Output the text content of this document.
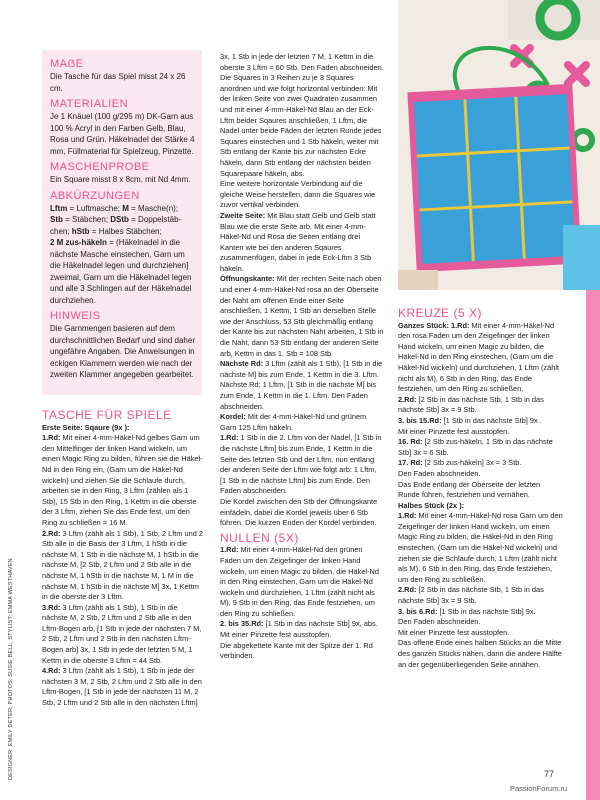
DESIGNER: EMILY DETER; PHOTOS: SUSIE BELL; STYLIST: EMMA WESTHAVEN
MAẞE

Die Tasche für das Spiel misst 24 x 26 cm.

MATERIALIEN

Je 1 Knäuel (100 g/295 m) DK-Garn aus 100 % Acryl in den Farben Gelb, Blau, Rosa und Grün. Häkelnadel der Stärke 4 mm, Füllmaterial für Spielzeug, Pinzette.

MASCHENPROBE

Ein Square misst 8 x 8cm, mit Nd 4mm.

ABKÜRZUNGEN

Lftm = Luftmasche; M = Masche(n);

Stb = Stäbchen; DStb = Doppelstäb-

chen; hStb = Halbes Stäbchen;

2 M zus-häkeln = (Häkelnadel in die nächste Masche einstechen, Garn um die Häkelnadel legen und durchziehen] zweimal, Garn um die Häkelnadel legen und alle 3 Schlingen auf der Häkelnadel durchziehen.

HINWEIS

Die Garnmengen basieren auf dem durchschnittlichen Bedarf und sind daher ungefähre Angaben. Die Anweisungen in eckigen Klammern werden wie nach der zweiten Klammer angegeben gearbeitet.

TASCHE FÜR SPIELE

Erste Seite: Sqaure (9x ):

1.Rd: Mit einer 4-mm-Häkel-Nd gelbes Garn um den Mittelfinger der linken Hand wickeln, um einen Magic Ring zu bilden, führen sie die Häkel-Nd in den Ring ein, (Garn um die Häkel-Nd wickeln) und ziehen Sie die Schlaufe durch, arbeiten sie in den Ring, 3 Lftm (zählen als 1 Stb), 15 Stb in den Ring, 1 Kettm in die oberste der 3 Lftm, ziehen Sie das Ende fest, um den Ring zu schließen = 16 M.

2.Rd: 3 Lftm (zählt als 1 Stb), 1 Stb, 2 Lftm und 2 Stb alle in die Basis der 3 Lftm, 1 hStb in die nächste M, 1 Stb in die nächste M, 1 hStb in die nächste M, [2 Stb, 2 Lftm und 2 Stb alle in die nächste M, 1 hStb in die nächste M, 1 M in die nächste M, 1 hStb in die nächste M] 3x, 1 Kettm in die oberste der 3 Lftm.

3.Rd: 3 Lftm (zählt als 1 Stb), 1 Stb in die nächste M, 2 Stb, 2 Lftm und 2 Stb alle in den Lftm-Bogen arb, [1 Stb in jede der nächsten 7 M, 2 Stb, 2 Lftm und 2 Stb in den nächsten Lftm-Bogen arb] 3x, 1 Stb in jede der letzten 5 M, 1 Kettm in die oberste 3 Lftm = 44 Stb.

4.Rd: 3 Lftm (zählt als 1 Stb), 1 Stb in jede der nächsten 3 M, 2 Stb, 2 Lftm und 2 Stb alle in den Lftm-Bogen, [1 Stb in jede der nächsten 11 M, 2 Stb, 2 Lftm und 2 Stb alle in den nächsten Lftm]

3x, 1 Stb in jede der letzten 7 M, 1 Kettm in die oberste 3 Lftm = 60 Stb. Den Faden abschneiden.

Die Squares in 3 Reihen zu je 3 Squares anordnen und wie folgt horizontal verbinden: Mit der linken Seite von zwei Quadraten zusammen und mit einer 4-mm-Häkel-Nd Blau an der Eck-Lftm beider Sqaures anschließen, 1 Lftm, die Nadel unter beide Fäden der letzten Runde jedes Squares einstechen und 1 Stb häkeln, weiter mit Stb entlang der Kante bis zur nächsten Ecke häkeln, dann Stb entlang der nächsten beiden Squarepaare häkeln, abs.

Eine weitere horizontale Verbindung auf die gleiche Weise herstellen, dann die Squares wie zuvor vertikal verbinden.

Zweite Seite: Mit Blau statt Gelb und Gelb statt Blau wie die erste Seite arb. Mit einer 4-mm-Häkel-Nd und Rosa die Seiten entlang drei Kanten wie bei den anderen Sqaures zusammenfügen, dabei in jede Eck-Lftm 3 Stb häkeln.

Öffnungskante: Mit der rechten Seite nach oben und einer 4-mm-Häkel-Nd rosa an der Oberseite der Naht am offenen Ende einer Seite anschließen, 1 Kettm, 1 Stb an derselben Stelle wie der Anschluss, 53 Stb gleichmäßig entlang der Kante bis zur nächsten Naht arbeiten, 1 Stb in die Naht, dann 53 Stb entlang der anderen Seite arb, Kettm in das 1. Stb = 108 Stb

Nächste Rd: 3 Lftm (zählt als 1 Stb), [1 Stb in die nächste M] bis zum Ende, 1 Kettm in die 3. Lftm. Nächste Rd: 1 Lftm, [1 Stb in die nächste M] bis zum Ende, 1 Kettm in die 1. Lftm. Den Faden abschneiden.

Kordel: Mit der 4-mm-Häkel-Nd und grünem Garn 125 Lftm häkeln.

1.Rd: 1 Stb in die 2. Lftm von der Nadel, [1 Stb in die nächste Lftm] bis zum Ende, 1 Kettm in die Seite des letzten Stb und der Lftm, nun entlang der anderen Seite der Lftm wie folgt arb: 1 Lftm, [1 Stb in die nächste Lftm] bis zum Ende. Den Faden abschneiden.

Die Kordel zwischen den Stb der Öffnungskante einfädeln, dabei die Kordel jeweils über 6 Stb führen. Die kurzen Enden der Kordel verbinden.

NULLEN (5X)

1.Rd: Mit einer 4-mm-Häkel-Nd den grünen Faden um den Zeigefinger der linken Hand wickeln, um einen Magic zu bilden, die Häkel-Nd in den Ring einstechen, Garn um die Häkel-Nd wickeln und durchziehen, 1 Lftm (zählt nicht als M), 9 Stb in den Ring, das Ende festziehen, um den Ring zu schließen.

2. bis 35.Rd: [1 Stb in das nächste Stb] 9x, abs.

Mit einer Pinzette fest ausstopfen.

Die abgekettete Kante mit der Spitze der 1. Rd verbinden.

KREUZE (5 X)

Ganzes Stück: 1.Rd: Mit einer 4-mm-Häkel-Nd den rosa Faden um den Zeigefinger der linken Hand wickeln, um einen Magic zu bilden, die Häkel-Nd in den Ring einstechen, (Garn um die Häkel-Nd wickeln) und durchziehen, 1 Lftm (zählt nicht als M), 6 Stb in den Ring, das Ende festziehen, um den Ring zu schließen.

2.Rd: [2 Stb in das nächste Stb, 1 Stb in das nächste Stb] 3x = 9 Stb.

3. bis 15.Rd: [1 Stb in das nächste Stb] 9x .

Mit einer Pinzette fest ausstopfen.

16. Rd: [2 Stb zus-häkeln, 1 Stb in das nächste Stb] 3x = 6 Stb.

17. Rd: [2 Stb zus-häkeln] 3x = 3 Stb.

Den Faden abschneiden.

Das Ende entlang der Oberseite der letzten Runde führen, festziehen und vernähen.

Halbes Stück (2x ):

1.Rd: Mit einer 4-mm-Häkel-Nd rosa Garn um den Zeigefinger der linken Hand wickeln, um einen Magic Ring zu bilden, die Häkel-Nd in den Ring einstechen, (Garn um die Häkel-Nd wickeln) und ziehen sie die Schlaufe durch, 1 Lftm (zählt nicht als M), 6 Stb in den Ring, das Ende festziehen, um den Ring zu schließen.

2.Rd: [2 Stb in das nächste Stb, 1 Stb in das nächste Stb] 3x = 9 Stb.

3. bis 6.Rd: [1 Stb in das nächste Stb] 9x.

Den Faden abschneiden.

Mit einer Pinzette fest ausstopfen.

Das offene Ende eines halben Stücks an die Mitte des ganzen Stücks nähen, dann die andere Hälfte an der gegenüberliegenden Seite annähen.

77
PassionForum.ru
